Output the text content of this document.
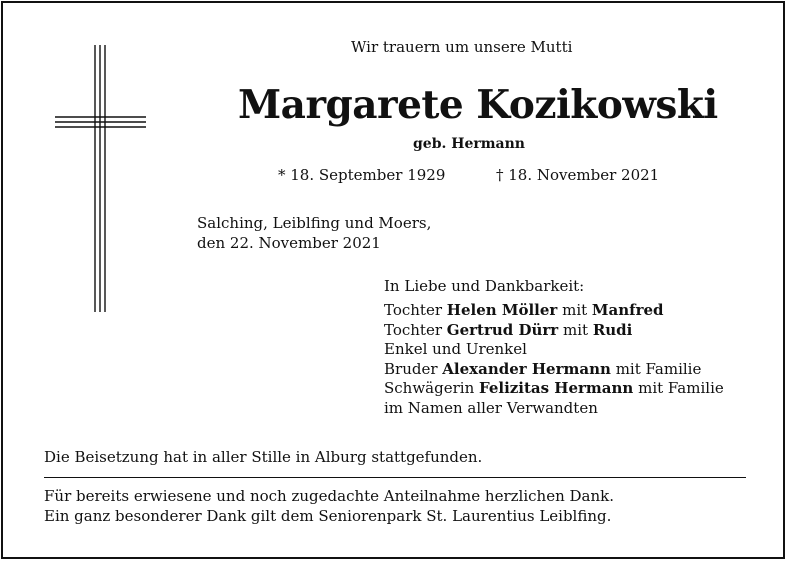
Wir trauern um unsere Mutti
Margarete Kozikowski
geb. Hermann
* 18. September 1929	† 18. November 2021
Salching, Leiblfing und Moers,
den 22. November 2021
In Liebe und Dankbarkeit:
Tochter Helen Möller mit Manfred
Tochter Gertrud Dürr mit Rudi
Enkel und Urenkel
Bruder Alexander Hermann mit Familie
Schwägerin Felizitas Hermann mit Familie
im Namen aller Verwandten
Die Beisetzung hat in aller Stille in Alburg stattgefunden.
Für bereits erwiesene und noch zugedachte Anteilnahme herzlichen Dank.
Ein ganz besonderer Dank gilt dem Seniorenpark St. Laurentius Leiblfing.
